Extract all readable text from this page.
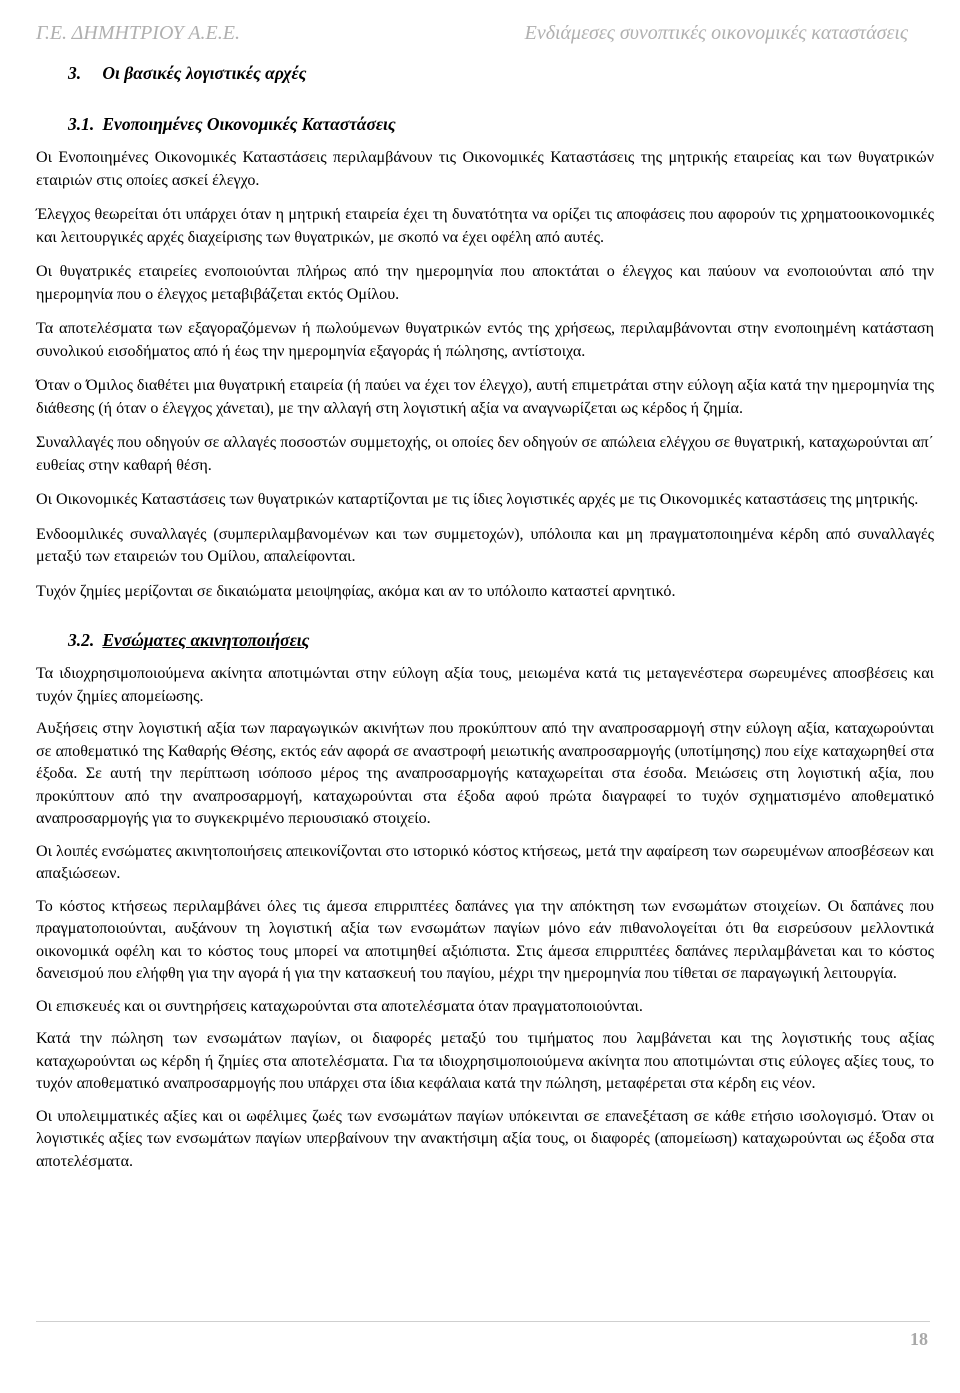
Γ.Ε. ΔΗΜΗΤΡΙΟΥ Α.Ε.Ε.	Ενδιάμεσες συνοπτικές οικονομικές καταστάσεις
3. Οι βασικές λογιστικές αρχές
3.1. Ενοποιημένες Οικονομικές Καταστάσεις

Οι Ενοποιημένες Οικονομικές Καταστάσεις περιλαμβάνουν τις Οικονομικές Καταστάσεις της μητρικής εταιρείας και των θυγατρικών εταιριών στις οποίες ασκεί έλεγχο.

Έλεγχος θεωρείται ότι υπάρχει όταν η μητρική εταιρεία έχει τη δυνατότητα να ορίζει τις αποφάσεις που αφορούν τις χρηματοοικονομικές και λειτουργικές αρχές διαχείρισης των θυγατρικών, με σκοπό να έχει οφέλη από αυτές.

Οι θυγατρικές εταιρείες ενοποιούνται πλήρως από την ημερομηνία που αποκτάται ο έλεγχος και παύουν να ενοποιούνται από την ημερομηνία που ο έλεγχος μεταβιβάζεται εκτός Ομίλου.

Τα αποτελέσματα των εξαγοραζόμενων ή πωλούμενων θυγατρικών εντός της χρήσεως, περιλαμβάνονται στην ενοποιημένη κατάσταση συνολικού εισοδήματος από ή έως την ημερομηνία εξαγοράς ή πώλησης, αντίστοιχα.

Όταν ο Όμιλος διαθέτει μια θυγατρική εταιρεία (ή παύει να έχει τον έλεγχο), αυτή επιμετράται στην εύλογη αξία κατά την ημερομηνία της διάθεσης (ή όταν ο έλεγχος χάνεται), με την αλλαγή στη λογιστική αξία να αναγνωρίζεται ως κέρδος ή ζημία.

Συναλλαγές που οδηγούν σε αλλαγές ποσοστών συμμετοχής, οι οποίες δεν οδηγούν σε απώλεια ελέγχου σε θυγατρική, καταχωρούνται απ΄ ευθείας στην καθαρή θέση.

Οι Οικονομικές Καταστάσεις των θυγατρικών καταρτίζονται με τις ίδιες λογιστικές αρχές με τις Οικονομικές καταστάσεις της μητρικής.

Ενδοομιλικές συναλλαγές (συμπεριλαμβανομένων και των συμμετοχών), υπόλοιπα και μη πραγματοποιημένα κέρδη από συναλλαγές μεταξύ των εταιρειών του Ομίλου, απαλείφονται.

Τυχόν ζημίες μερίζονται σε δικαιώματα μειοψηφίας, ακόμα και αν το υπόλοιπο καταστεί αρνητικό.

3.2. Ενσώματες ακινητοποιήσεις

Τα ιδιοχρησιμοποιούμενα ακίνητα αποτιμώνται στην εύλογη αξία τους, μειωμένα κατά τις μεταγενέστερα σωρευμένες αποσβέσεις και τυχόν ζημίες απομείωσης.

Αυξήσεις στην λογιστική αξία των παραγωγικών ακινήτων που προκύπτουν από την αναπροσαρμογή στην εύλογη αξία, καταχωρούνται σε αποθεματικό της Καθαρής Θέσης, εκτός εάν αφορά σε αναστροφή μειωτικής αναπροσαρμογής (υποτίμησης) που είχε καταχωρηθεί στα έξοδα. Σε αυτή την περίπτωση ισόποσο μέρος της αναπροσαρμογής καταχωρείται στα έσοδα. Μειώσεις στη λογιστική αξία, που προκύπτουν από την αναπροσαρμογή, καταχωρούνται στα έξοδα αφού πρώτα διαγραφεί το τυχόν σχηματισμένο αποθεματικό αναπροσαρμογής για το συγκεκριμένο περιουσιακό στοιχείο.

Οι λοιπές ενσώματες ακινητοποιήσεις απεικονίζονται στο ιστορικό κόστος κτήσεως, μετά την αφαίρεση των σωρευμένων αποσβέσεων και απαξιώσεων.

Το κόστος κτήσεως περιλαμβάνει όλες τις άμεσα επιρριπτέες δαπάνες για την απόκτηση των ενσωμάτων στοιχείων. Οι δαπάνες που πραγματοποιούνται, αυξάνουν τη λογιστική αξία των ενσωμάτων παγίων μόνο εάν πιθανολογείται ότι θα εισρεύσουν μελλοντικά οικονομικά οφέλη και το κόστος τους μπορεί να αποτιμηθεί αξιόπιστα. Στις άμεσα επιρριπτέες δαπάνες περιλαμβάνεται και το κόστος δανεισμού που ελήφθη για την αγορά ή για την κατασκευή του παγίου, μέχρι την ημερομηνία που τίθεται σε παραγωγική λειτουργία.

Οι επισκευές και οι συντηρήσεις καταχωρούνται στα αποτελέσματα όταν πραγματοποιούνται.

Κατά την πώληση των ενσωμάτων παγίων, οι διαφορές μεταξύ του τιμήματος που λαμβάνεται και της λογιστικής τους αξίας καταχωρούνται ως κέρδη ή ζημίες στα αποτελέσματα. Για τα ιδιοχρησιμοποιούμενα ακίνητα που αποτιμώνται στις εύλογες αξίες τους, το τυχόν αποθεματικό αναπροσαρμογής που υπάρχει στα ίδια κεφάλαια κατά την πώληση, μεταφέρεται στα κέρδη εις νέον.

Οι υπολειμματικές αξίες και οι ωφέλιμες ζωές των ενσωμάτων παγίων υπόκεινται σε επανεξέταση σε κάθε ετήσιο ισολογισμό. Όταν οι λογιστικές αξίες των ενσωμάτων παγίων υπερβαίνουν την ανακτήσιμη αξία τους, οι διαφορές (απομείωση) καταχωρούνται ως έξοδα στα αποτελέσματα.

18
